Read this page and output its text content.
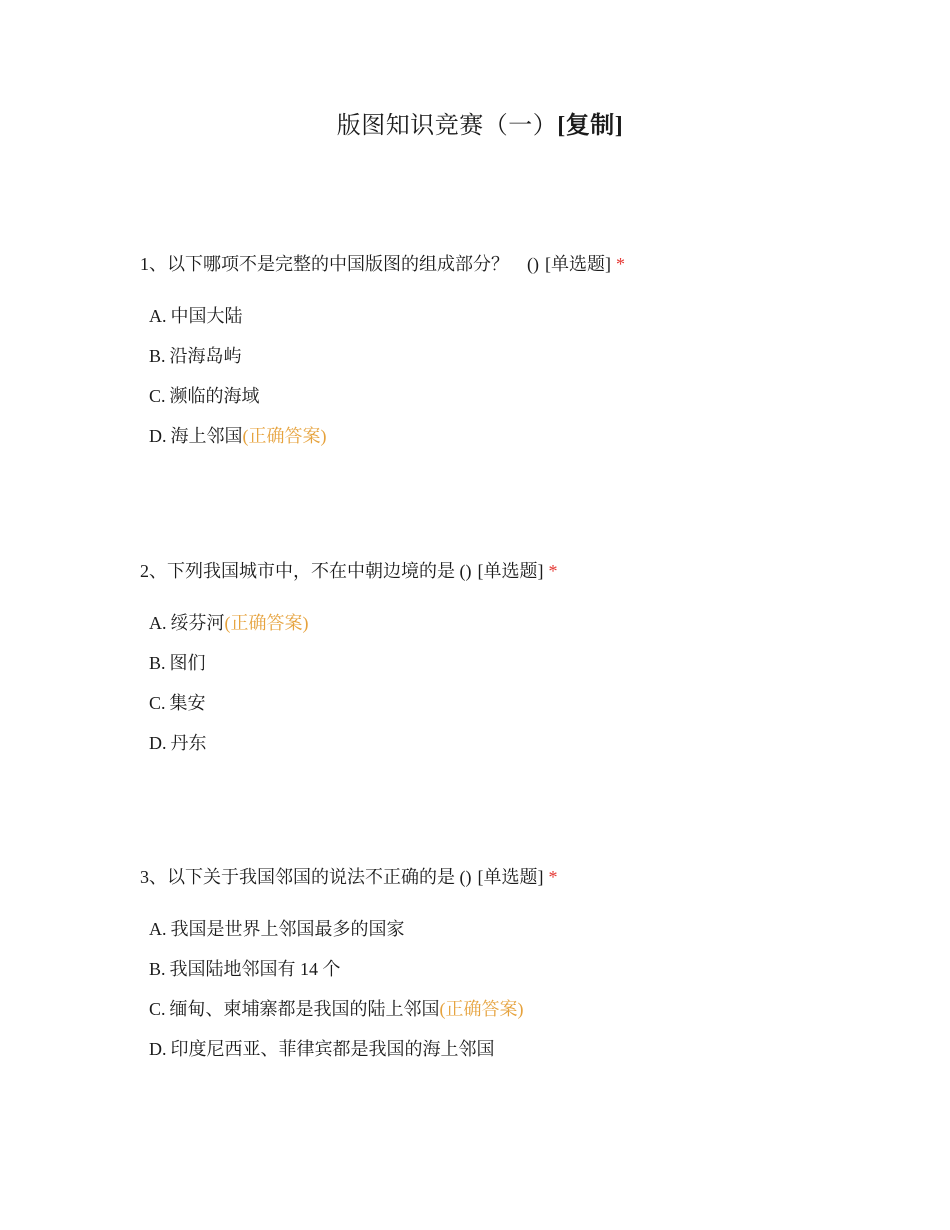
版图知识竞赛（一）[复制]
1、以下哪项不是完整的中国版图的组成部分？　() [单选题] *
A. 中国大陆
B. 沿海岛屿
C. 濒临的海域
D. 海上邻国(正确答案)
2、下列我国城市中，不在中朝边境的是 () [单选题] *
A. 绥芬河(正确答案)
B. 图们
C. 集安
D. 丹东
3、以下关于我国邻国的说法不正确的是 () [单选题] *
A. 我国是世界上邻国最多的国家
B. 我国陆地邻国有 14 个
C. 缅甸、柬埔寨都是我国的陆上邻国(正确答案)
D. 印度尼西亚、菲律宾都是我国的海上邻国
